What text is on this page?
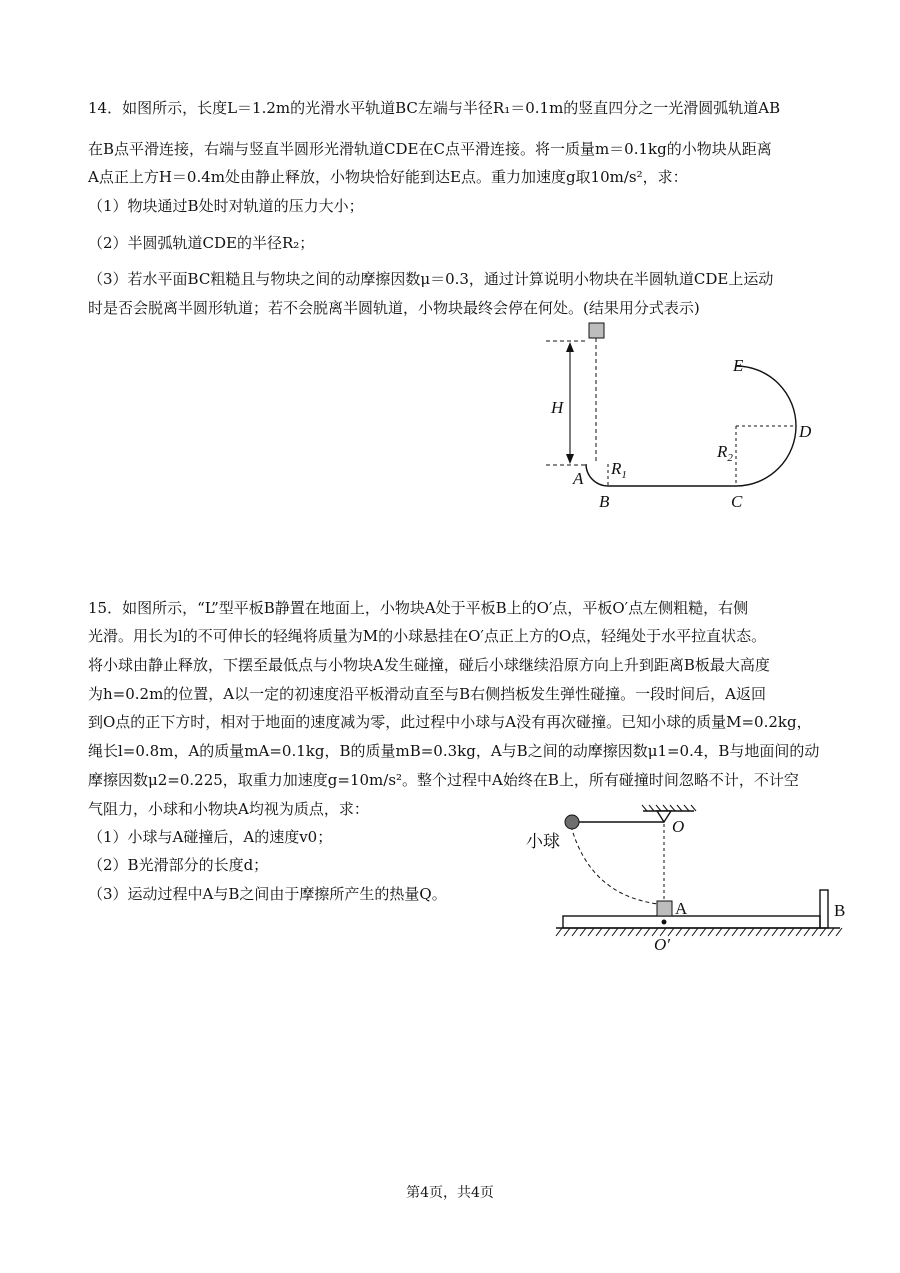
14．如图所示，长度L＝1.2m的光滑水平轨道BC左端与半径R₁＝0.1m的竖直四分之一光滑圆弧轨道AB
在B点平滑连接，右端与竖直半圆形光滑轨道CDE在C点平滑连接。将一质量m＝0.1kg的小物块从距离
A点正上方H＝0.4m处由静止释放，小物块恰好能到达E点。重力加速度g取10m/s²，求：
（1）物块通过B处时对轨道的压力大小；
（2）半圆弧轨道CDE的半径R₂；
（3）若水平面BC粗糙且与物块之间的动摩擦因数μ＝0.3，通过计算说明小物块在半圆轨道CDE上运动
时是否会脱离半圆形轨道；若不会脱离半圆轨道，小物块最终会停在何处。(结果用分式表示)
H
A
B	C
D
E
$R_1$
$R_2$
15．如图所示，“L”型平板B静置在地面上，小物块A处于平板B上的O′点，平板O′点左侧粗糙，右侧
光滑。用长为l的不可伸长的轻绳将质量为M的小球悬挂在O′点正上方的O点，轻绳处于水平拉直状态。
将小球由静止释放，下摆至最低点与小物块A发生碰撞，碰后小球继续沿原方向上升到距离B板最大高度
为h=0.2m的位置，A以一定的初速度沿平板滑动直至与B右侧挡板发生弹性碰撞。一段时间后，A返回
到O点的正下方时，相对于地面的速度减为零，此过程中小球与A没有再次碰撞。已知小球的质量M=0.2kg，
绳长l=0.8m，A的质量mA=0.1kg，B的质量mB=0.3kg，A与B之间的动摩擦因数μ1=0.4，B与地面间的动
摩擦因数μ2=0.225，取重力加速度g=10m/s²。整个过程中A始终在B上，所有碰撞时间忽略不计，不计空
气阻力，小球和小物块A均视为质点，求：
（1）小球与A碰撞后，A的速度v0；
（2）B光滑部分的长度d；
（3）运动过程中A与B之间由于摩擦所产生的热量Q。
小球
O
A	B
O′
第4页，共4页
